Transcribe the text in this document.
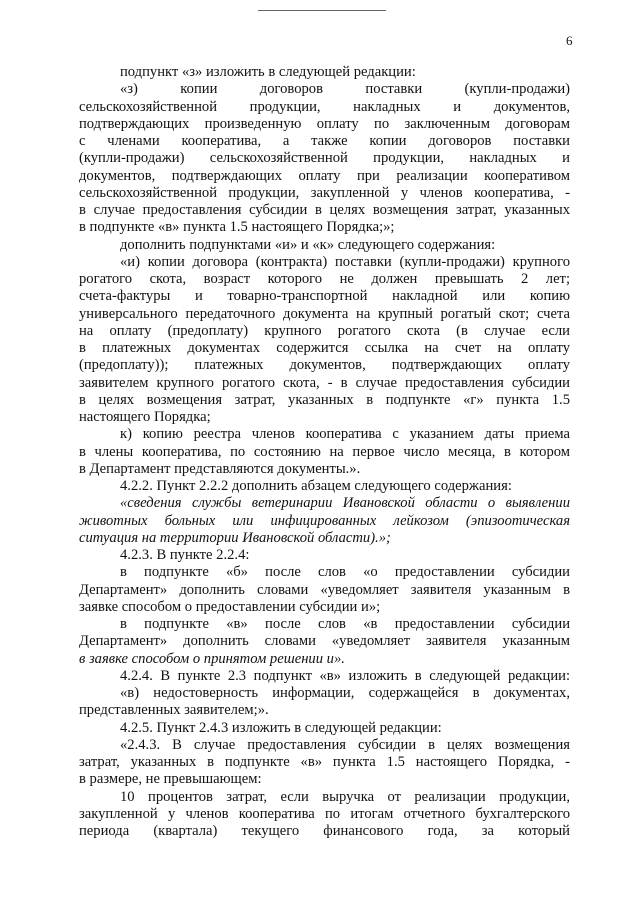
6
подпункт «з» изложить в следующей редакции:
«з) копии договоров поставки (купли-продажи)
сельскохозяйственной продукции, накладных и документов,
подтверждающих произведенную оплату по заключенным договорам
с членами кооператива, а также копии договоров поставки
(купли-продажи) сельскохозяйственной продукции, накладных и
документов, подтверждающих оплату при реализации кооперативом
сельскохозяйственной продукции, закупленной у членов кооператива, -
в случае предоставления субсидии в целях возмещения затрат, указанных
в подпункте «в» пункта 1.5 настоящего Порядка;»;
дополнить подпунктами «и» и «к» следующего содержания:
«и) копии договора (контракта) поставки (купли-продажи) крупного
рогатого скота, возраст которого не должен превышать 2 лет;
счета-фактуры и товарно-транспортной накладной или копию
универсального передаточного документа на крупный рогатый скот; счета
на оплату (предоплату) крупного рогатого скота (в случае если
в платежных документах содержится ссылка на счет на оплату
(предоплату)); платежных документов, подтверждающих оплату
заявителем крупного рогатого скота, - в случае предоставления субсидии
в целях возмещения затрат, указанных в подпункте «г» пункта 1.5
настоящего Порядка;
к) копию реестра членов кооператива с указанием даты приема
в члены кооператива, по состоянию на первое число месяца, в котором
в Департамент представляются документы.».
4.2.2. Пункт 2.2.2 дополнить абзацем следующего содержания:
«сведения службы ветеринарии Ивановской области о выявлении
животных больных или инфицированных лейкозом (эпизоотическая
ситуация на территории Ивановской области).»;
4.2.3. В пункте 2.2.4:
в подпункте «б» после слов «о предоставлении субсидии
Департамент» дополнить словами «уведомляет заявителя указанным в
заявке способом о предоставлении субсидии и»;
в подпункте «в» после слов «в предоставлении субсидии
Департамент» дополнить словами «уведомляет заявителя указанным
в заявке способом о принятом решении и».
4.2.4. В пункте 2.3 подпункт «в» изложить в следующей редакции:
«в) недостоверность информации, содержащейся в документах,
представленных заявителем;».
4.2.5. Пункт 2.4.3 изложить в следующей редакции:
«2.4.3. В случае предоставления субсидии в целях возмещения
затрат, указанных в подпункте «в» пункта 1.5 настоящего Порядка, -
в размере, не превышающем:
10 процентов затрат, если выручка от реализации продукции,
закупленной у членов кооператива по итогам отчетного бухгалтерского
периода (квартала) текущего финансового года, за который
